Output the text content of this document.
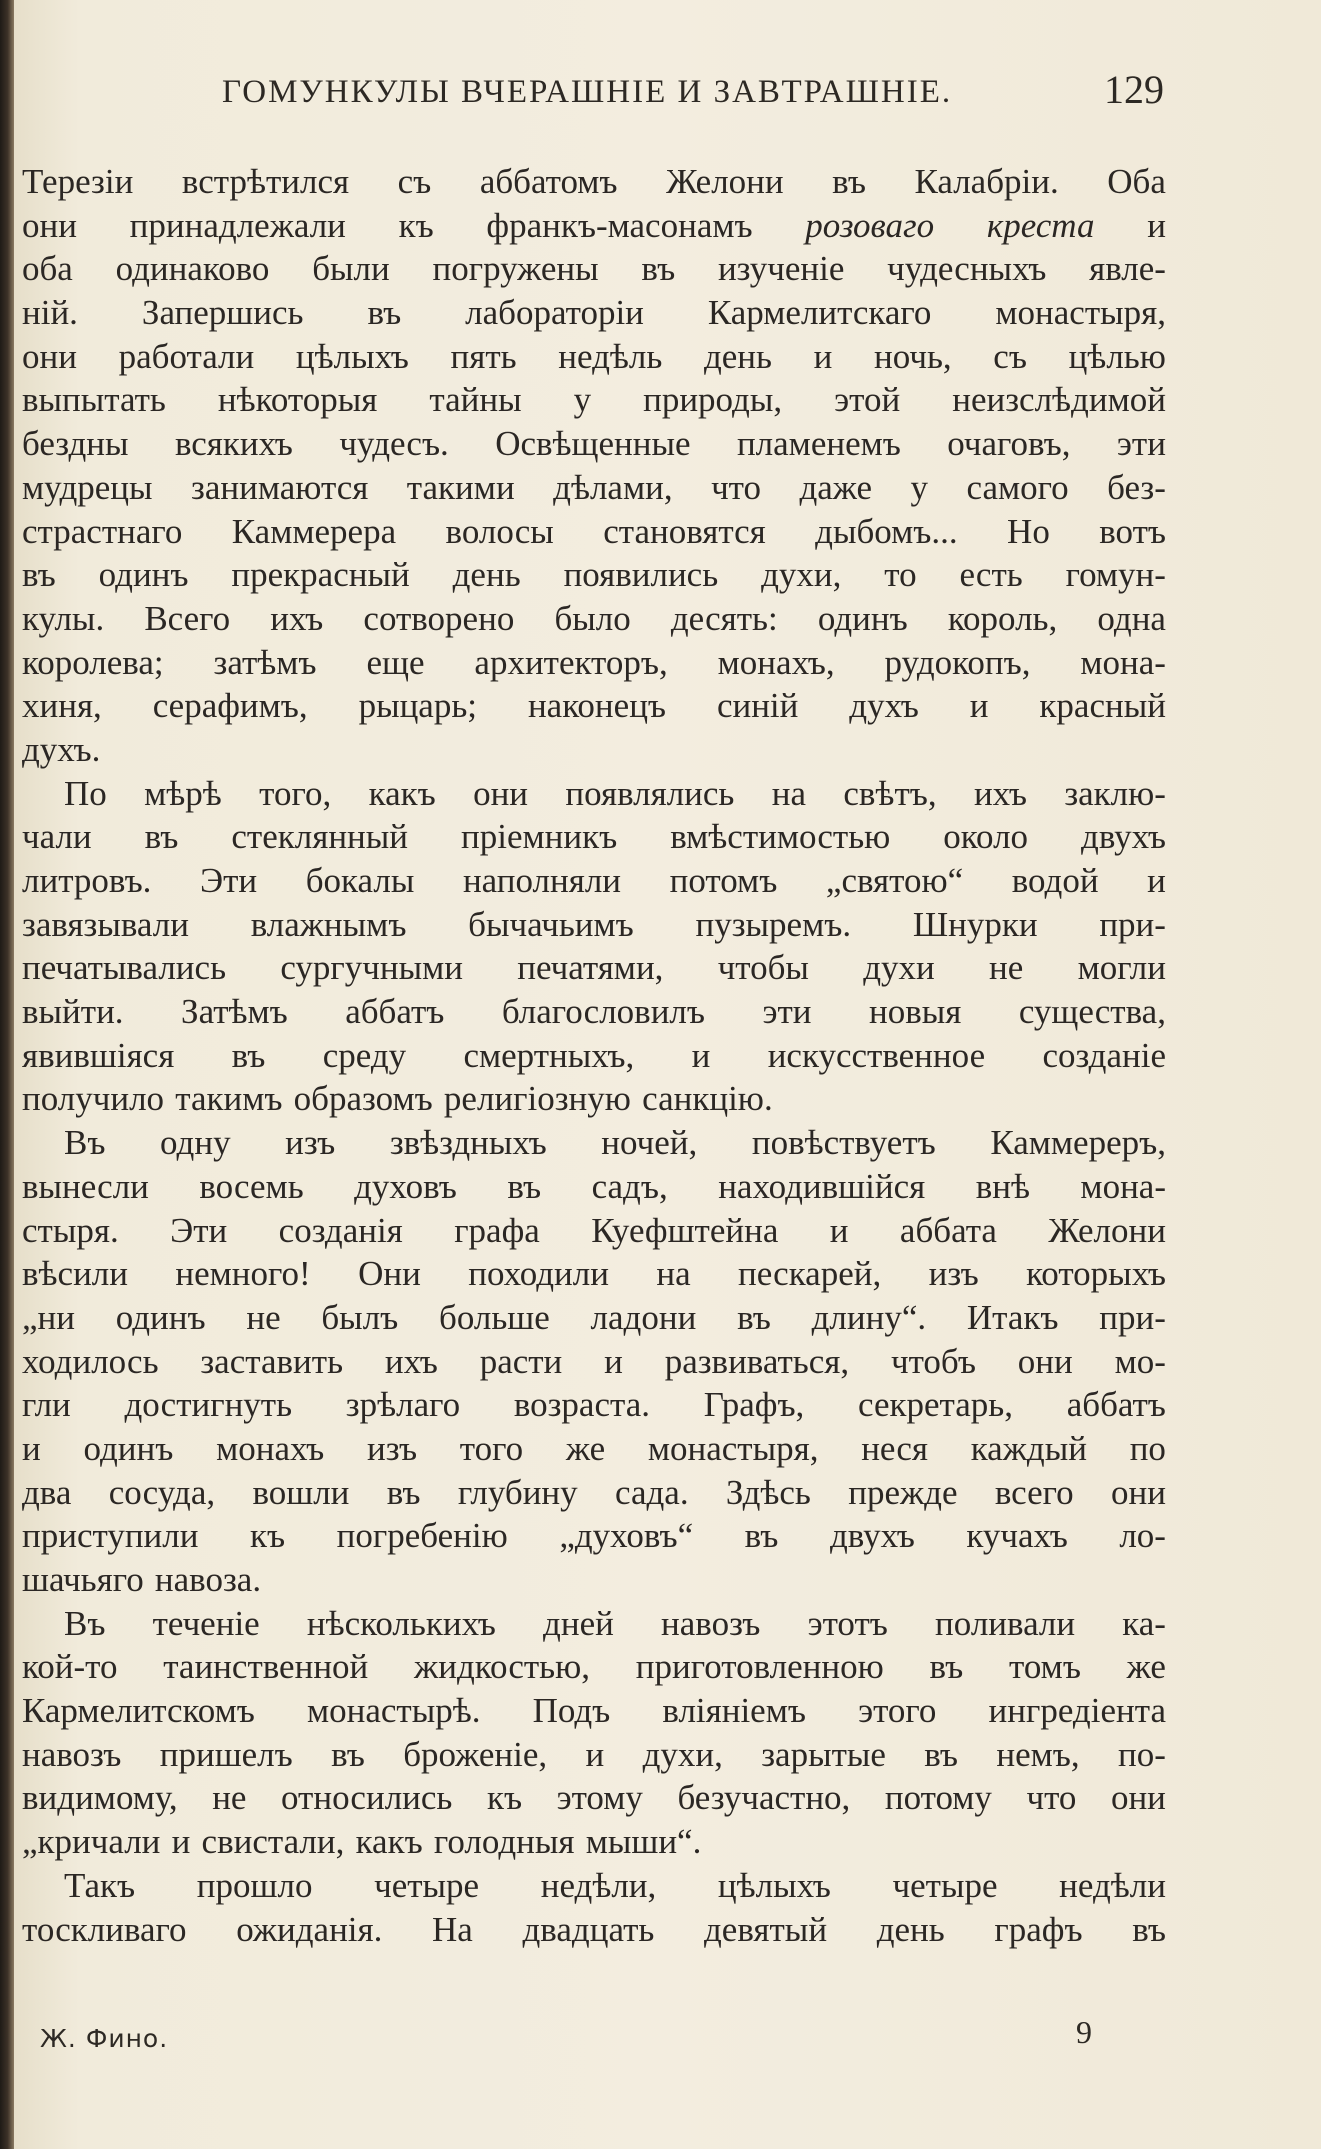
ГОМУНКУЛЫ ВЧЕРАШНІЕ И ЗАВТРАШНІЕ.	129
Терезіи встрѣтился съ аббатомъ Желони въ Калабріи. Оба
они принадлежали къ франкъ-масонамъ розоваго креста и
оба одинаково были погружены въ изученіе чудесныхъ явле-
ній. Запершись въ лабораторіи Кармелитскаго монастыря,
они работали цѣлыхъ пять недѣль день и ночь, съ цѣлью
выпытать нѣкоторыя тайны у природы, этой неизслѣдимой
бездны всякихъ чудесъ. Освѣщенные пламенемъ очаговъ, эти
мудрецы занимаются такими дѣлами, что даже у самого без-
страстнаго Каммерера волосы становятся дыбомъ... Но вотъ
въ одинъ прекрасный день появились духи, то есть гомун-
кулы. Всего ихъ сотворено было десять: одинъ король, одна
королева; затѣмъ еще архитекторъ, монахъ, рудокопъ, мона-
хиня, серафимъ, рыцарь; наконецъ синій духъ и красный
духъ.
По мѣрѣ того, какъ они появлялись на свѣтъ, ихъ заклю-
чали въ стеклянный пріемникъ вмѣстимостью около двухъ
литровъ. Эти бокалы наполняли потомъ „святою“ водой и
завязывали влажнымъ бычачьимъ пузыремъ. Шнурки при-
печатывались сургучными печатями, чтобы духи не могли
выйти. Затѣмъ аббатъ благословилъ эти новыя существа,
явившіяся въ среду смертныхъ, и искусственное созданіе
получило такимъ образомъ религіозную санкцію.
Въ одну изъ звѣздныхъ ночей, повѣствуетъ Каммереръ,
вынесли восемь духовъ въ садъ, находившійся внѣ мона-
стыря. Эти созданія графа Куефштейна и аббата Желони
вѣсили немного! Они походили на пескарей, изъ которыхъ
„ни одинъ не былъ больше ладони въ длину“. Итакъ при-
ходилось заставить ихъ расти и развиваться, чтобъ они мо-
гли достигнуть зрѣлаго возраста. Графъ, секретарь, аббатъ
и одинъ монахъ изъ того же монастыря, неся каждый по
два сосуда, вошли въ глубину сада. Здѣсь прежде всего они
приступили къ погребенію „духовъ“ въ двухъ кучахъ ло-
шачьяго навоза.
Въ теченіе нѣсколькихъ дней навозъ этотъ поливали ка-
кой-то таинственной жидкостью, приготовленною въ томъ же
Кармелитскомъ монастырѣ. Подъ вліяніемъ этого ингредіента
навозъ пришелъ въ броженіе, и духи, зарытые въ немъ, по-
видимому, не относились къ этому безучастно, потому что они
„кричали и свистали, какъ голодныя мыши“.
Такъ прошло четыре недѣли, цѣлыхъ четыре недѣли
тоскливаго ожиданія. На двадцать девятый день графъ въ
Ж. Фино.	9
